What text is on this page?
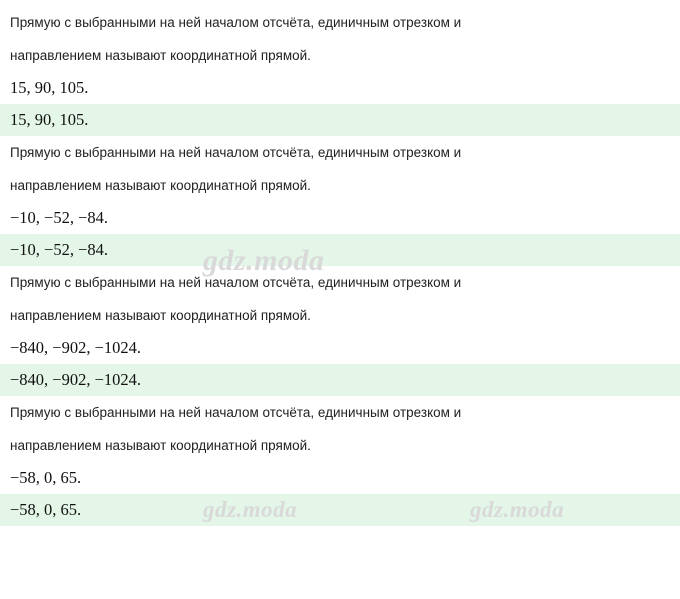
Прямую с выбранными на ней началом отсчёта, единичным отрезком и
направлением называют координатной прямой.
15, 90, 105.
15, 90, 105.
Прямую с выбранными на ней началом отсчёта, единичным отрезком и
направлением называют координатной прямой.
−10, −52, −84.
−10, −52, −84.
Прямую с выбранными на ней началом отсчёта, единичным отрезком и
направлением называют координатной прямой.
−840, −902, −1024.
−840, −902, −1024.
Прямую с выбранными на ней началом отсчёта, единичным отрезком и
направлением называют координатной прямой.
−58, 0, 65.
−58, 0, 65.
gdz.moda
gdz.moda	gdz.moda
